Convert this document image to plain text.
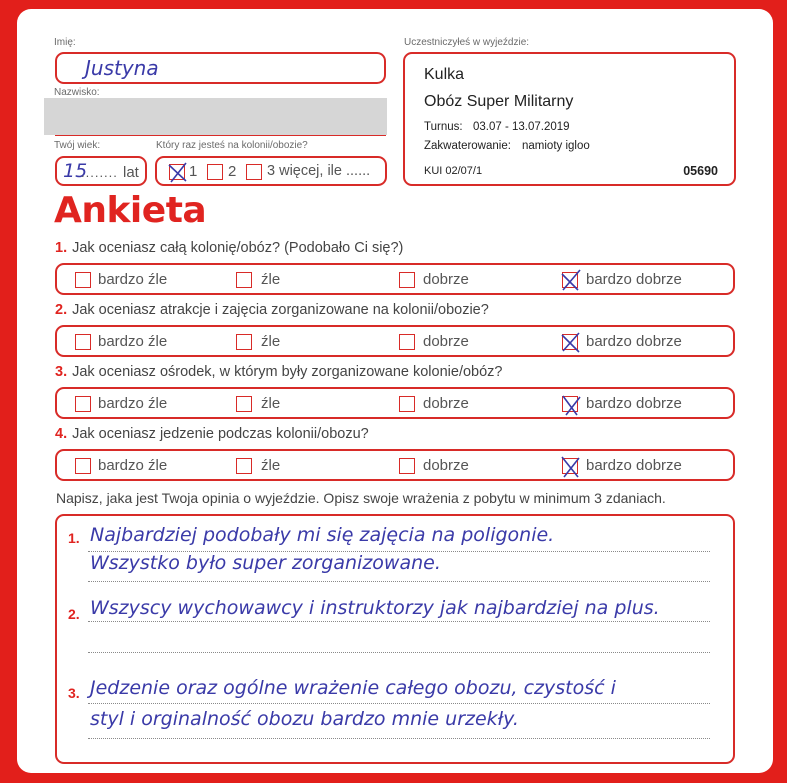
Imię:
Justyna
Nazwisko:
Twój wiek:
15
........ lat
Który raz jesteś na kolonii/obozie?
1 2 3 więcej, ile ......
Uczestniczyłeś w wyjeździe:
Kulka
Obóz Super Militarny
Turnus: 03.07 - 13.07.2019
Zakwaterowanie: namioty igloo
KUI 02/07/1	05690
Ankieta
1. Jak oceniasz całą kolonię/obóz? (Podobało Ci się?)
bardzo źle	źle	dobrze	bardzo dobrze
2. Jak oceniasz atrakcje i zajęcia zorganizowane na kolonii/obozie?
bardzo źle	źle	dobrze	bardzo dobrze
3. Jak oceniasz ośrodek, w którym były zorganizowane kolonie/obóz?
bardzo źle	źle	dobrze	bardzo dobrze
4. Jak oceniasz jedzenie podczas kolonii/obozu?
bardzo źle	źle	dobrze	bardzo dobrze
Napisz, jaka jest Twoja opinia o wyjeździe. Opisz swoje wrażenia z pobytu w minimum 3 zdaniach.
1. Najbardziej podobały mi się zajęcia na poligonie.
Wszystko było super zorganizowane.
2. Wszyscy wychowawcy i instruktorzy jak najbardziej na plus.
3. Jedzenie oraz ogólne wrażenie całego obozu, czystość i
styl i orginalność obozu bardzo mnie urzekły.
